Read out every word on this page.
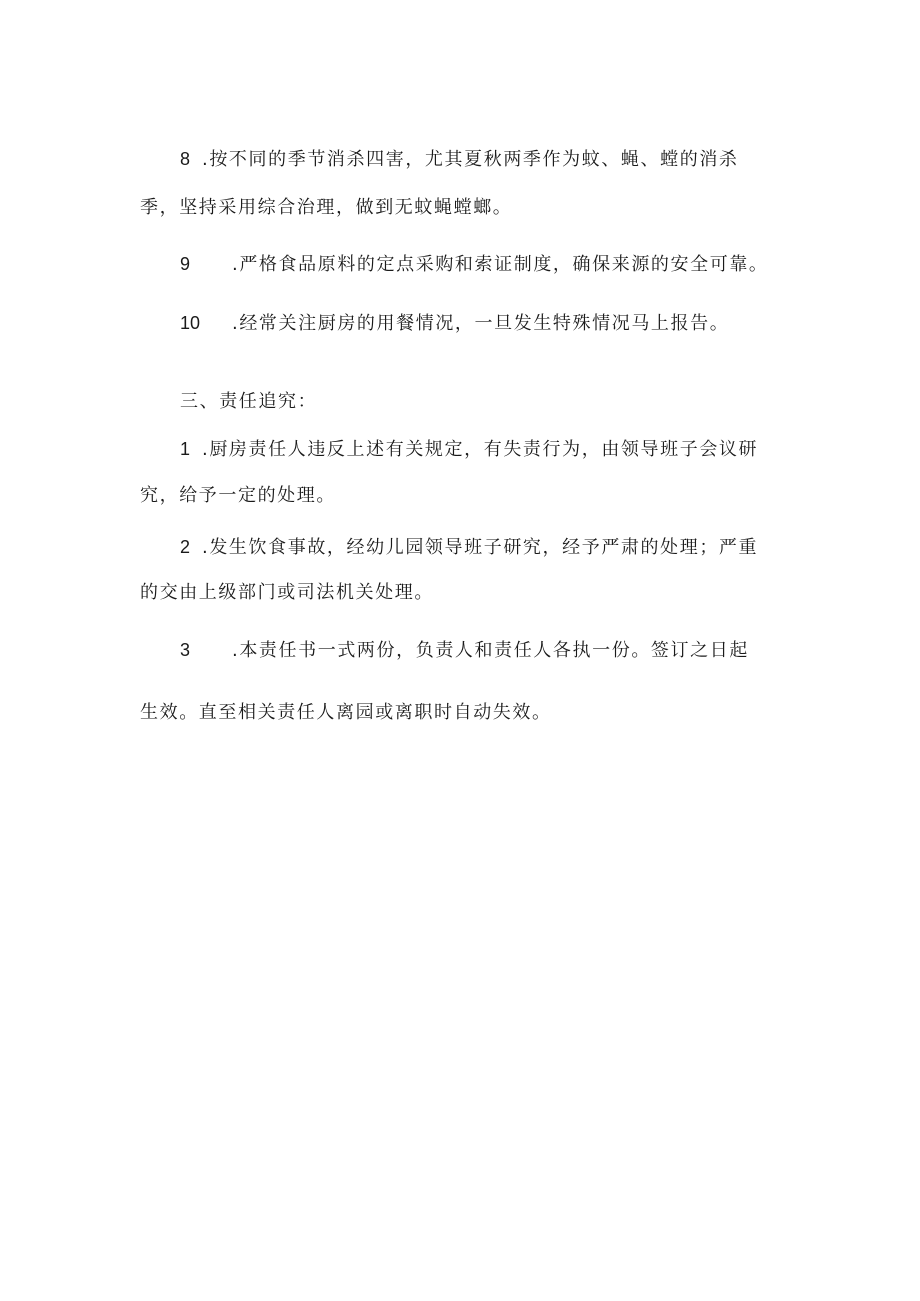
8 .按不同的季节消杀四害，尤其夏秋两季作为蚊、蝇、螳的消杀
季，坚持采用综合治理，做到无蚊蝇螳螂。
9 .严格食品原料的定点采购和索证制度，确保来源的安全可靠。
10 .经常关注厨房的用餐情况，一旦发生特殊情况马上报告。
三、责任追究：
1 .厨房责任人违反上述有关规定，有失责行为，由领导班子会议研
究，给予一定的处理。
2 .发生饮食事故，经幼儿园领导班子研究，经予严肃的处理；严重
的交由上级部门或司法机关处理。
3 .本责任书一式两份，负责人和责任人各执一份。签订之日起
生效。直至相关责任人离园或离职时自动失效。
